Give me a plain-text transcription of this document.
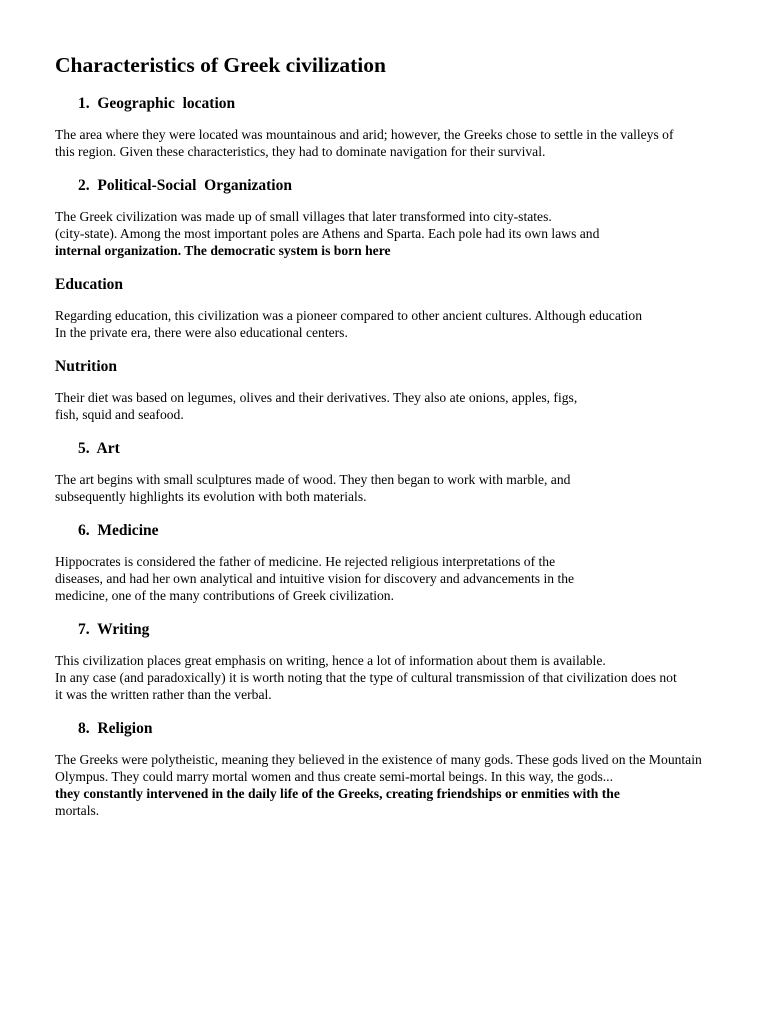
Characteristics of Greek civilization
1.  Geographic  location

The area where they were located was mountainous and arid; however, the Greeks chose to settle in the valleys of
this region. Given these characteristics, they had to dominate navigation for their survival.

2.  Political-Social  Organization

The Greek civilization was made up of small villages that later transformed into city-states.
(city-state). Among the most important poles are Athens and Sparta. Each pole had its own laws and
internal organization. The democratic system is born here

Education

Regarding education, this civilization was a pioneer compared to other ancient cultures. Although education
In the private era, there were also educational centers.

Nutrition

Their diet was based on legumes, olives and their derivatives. They also ate onions, apples, figs,
fish, squid and seafood.

5.  Art

The art begins with small sculptures made of wood. They then began to work with marble, and
subsequently highlights its evolution with both materials.

6.  Medicine

Hippocrates is considered the father of medicine. He rejected religious interpretations of the
diseases, and had her own analytical and intuitive vision for discovery and advancements in the
medicine, one of the many contributions of Greek civilization.

7.  Writing

This civilization places great emphasis on writing, hence a lot of information about them is available.
In any case (and paradoxically) it is worth noting that the type of cultural transmission of that civilization does not
it was the written rather than the verbal.

8.  Religion

The Greeks were polytheistic, meaning they believed in the existence of many gods. These gods lived on the Mountain
Olympus. They could marry mortal women and thus create semi-mortal beings. In this way, the gods...
they constantly intervened in the daily life of the Greeks, creating friendships or enmities with the
mortals.
